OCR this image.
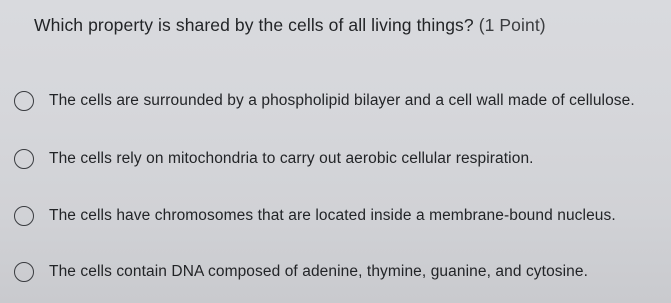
Which property is shared by the cells of all living things? (1 Point)
The cells are surrounded by a phospholipid bilayer and a cell wall made of cellulose.
The cells rely on mitochondria to carry out aerobic cellular respiration.
The cells have chromosomes that are located inside a membrane-bound nucleus.
The cells contain DNA composed of adenine, thymine, guanine, and cytosine.
